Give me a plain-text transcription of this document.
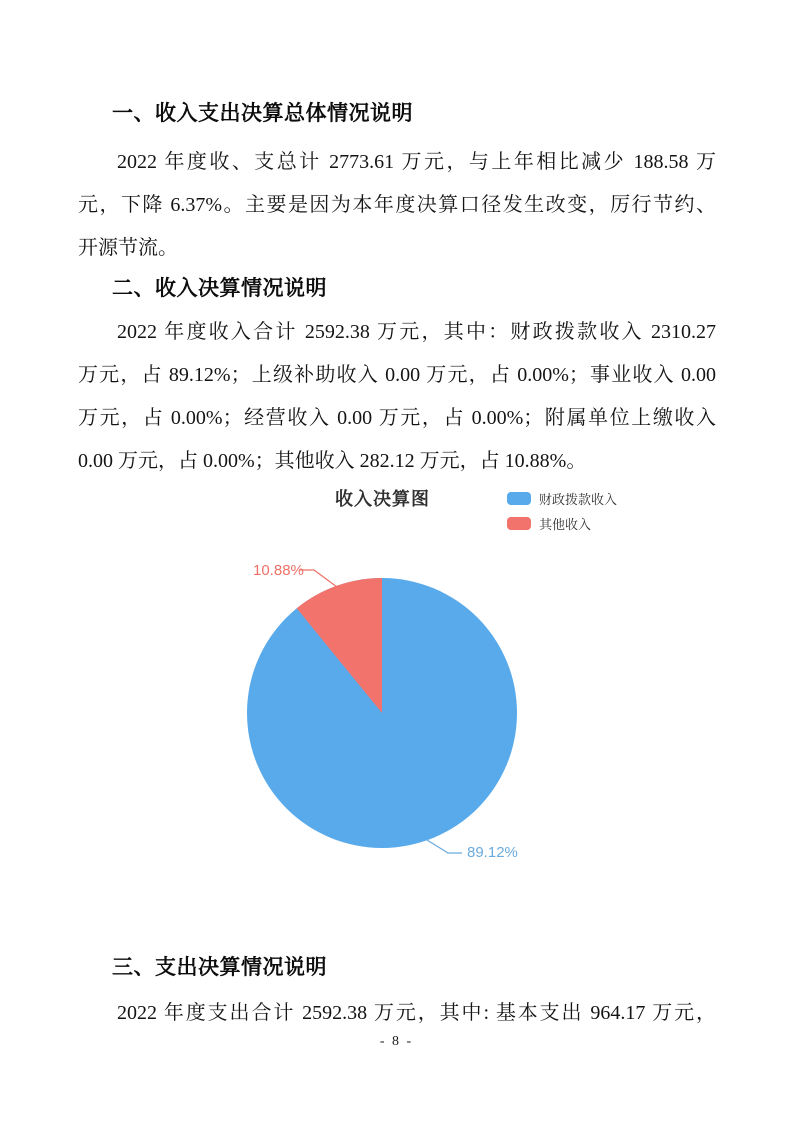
一、收入支出决算总体情况说明
2022 年度收、支总计 2773.61 万元，与上年相比减少 188.58 万
元，下降 6.37%。主要是因为本年度决算口径发生改变，厉行节约、
开源节流。
二、收入决算情况说明
2022 年度收入合计 2592.38 万元，其中：财政拨款收入 2310.27
万元，占 89.12%；上级补助收入 0.00 万元，占 0.00%；事业收入 0.00
万元，占 0.00%；经营收入 0.00 万元，占 0.00%；附属单位上缴收入
0.00 万元，占 0.00%；其他收入 282.12 万元，占 10.88%。
收入决算图	财政拨款收入
其他收入
10.88%
89.12%
三、支出决算情况说明
2022 年度支出合计 2592.38 万元，其中: 基本支出 964.17 万元，
- 8 -
